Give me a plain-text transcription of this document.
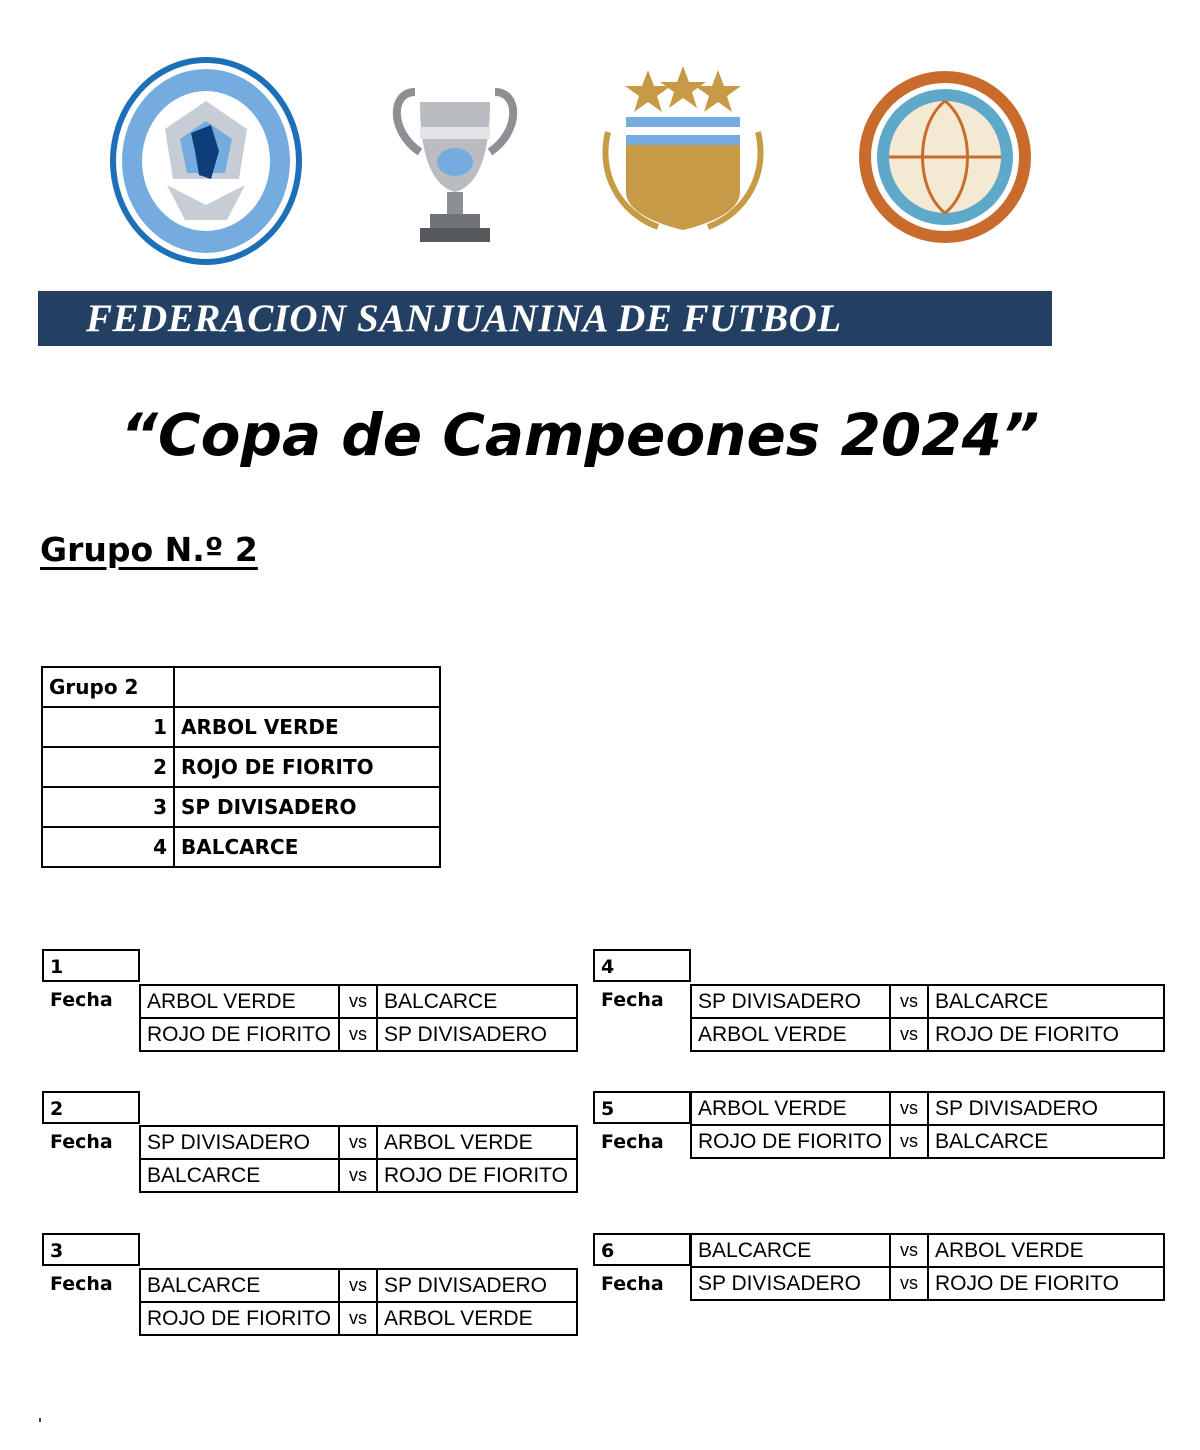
FEDERACION SANJUANINA DE FUTBOL
“Copa de Campeones 2024”
Grupo N.º 2
Grupo 2	
1	ARBOL VERDE
2	ROJO DE FIORITO
3	SP DIVISADERO
4	BALCARCE
1 Fecha	ARBOL VERDE	vs	BALCARCE
ROJO DE FIORITO	vs	SP DIVISADERO
2 Fecha	SP DIVISADERO	vs	ARBOL VERDE
BALCARCE	vs	ROJO DE FIORITO
3 Fecha	BALCARCE	vs	SP DIVISADERO
ROJO DE FIORITO	vs	ARBOL VERDE
4 Fecha	SP DIVISADERO	vs	BALCARCE
ARBOL VERDE	vs	ROJO DE FIORITO
5 Fecha
ARBOL VERDE	vs	SP DIVISADERO
ROJO DE FIORITO	vs	BALCARCE
6 Fecha
BALCARCE	vs	ARBOL VERDE
SP DIVISADERO	vs	ROJO DE FIORITO
